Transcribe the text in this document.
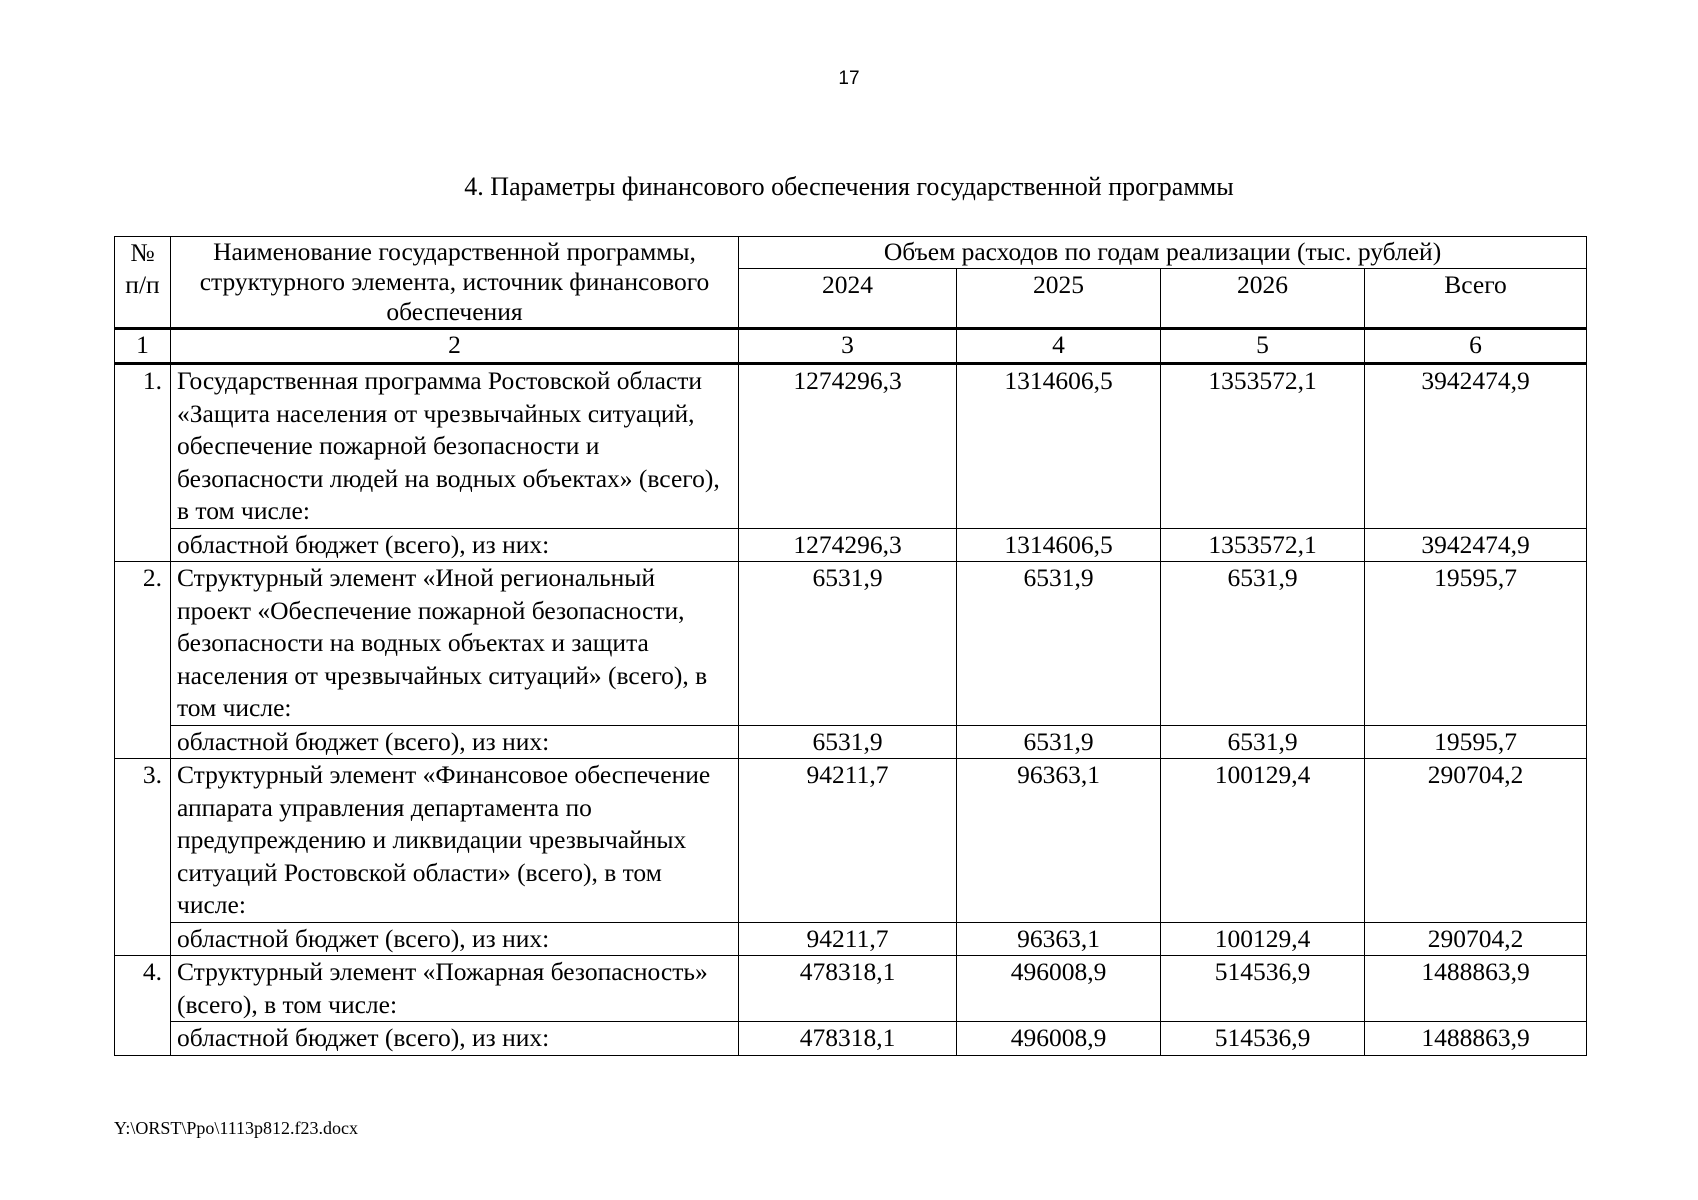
17
4. Параметры финансового обеспечения государственной программы
№ п/п	Наименование государственной программы, структурного элемента, источник финансового обеспечения	Объем расходов по годам реализации (тыс. рублей)			
		2024	2025	2026	Всего
1	2	3	4	5	6
1.	Государственная программа Ростовской области «Защита населения от чрезвычайных ситуаций, обеспечение пожарной безопасности и безопасности людей на водных объектах» (всего), в том числе:	1274296,3	1314606,5	1353572,1	3942474,9
	областной бюджет (всего), из них:	1274296,3	1314606,5	1353572,1	3942474,9
2.	Структурный элемент «Иной региональный проект «Обеспечение пожарной безопасности, безопасности на водных объектах и защита населения от чрезвычайных ситуаций» (всего), в том числе:	6531,9	6531,9	6531,9	19595,7
	областной бюджет (всего), из них:	6531,9	6531,9	6531,9	19595,7
3.	Структурный элемент «Финансовое обеспечение аппарата управления департамента по предупреждению и ликвидации чрезвычайных ситуаций Ростовской области» (всего), в том числе:	94211,7	96363,1	100129,4	290704,2
	областной бюджет (всего), из них:	94211,7	96363,1	100129,4	290704,2
4.	Структурный элемент «Пожарная безопасность» (всего), в том числе:	478318,1	496008,9	514536,9	1488863,9
	областной бюджет (всего), из них:	478318,1	496008,9	514536,9	1488863,9
Y:\ORST\Ppo\1113p812.f23.docx
